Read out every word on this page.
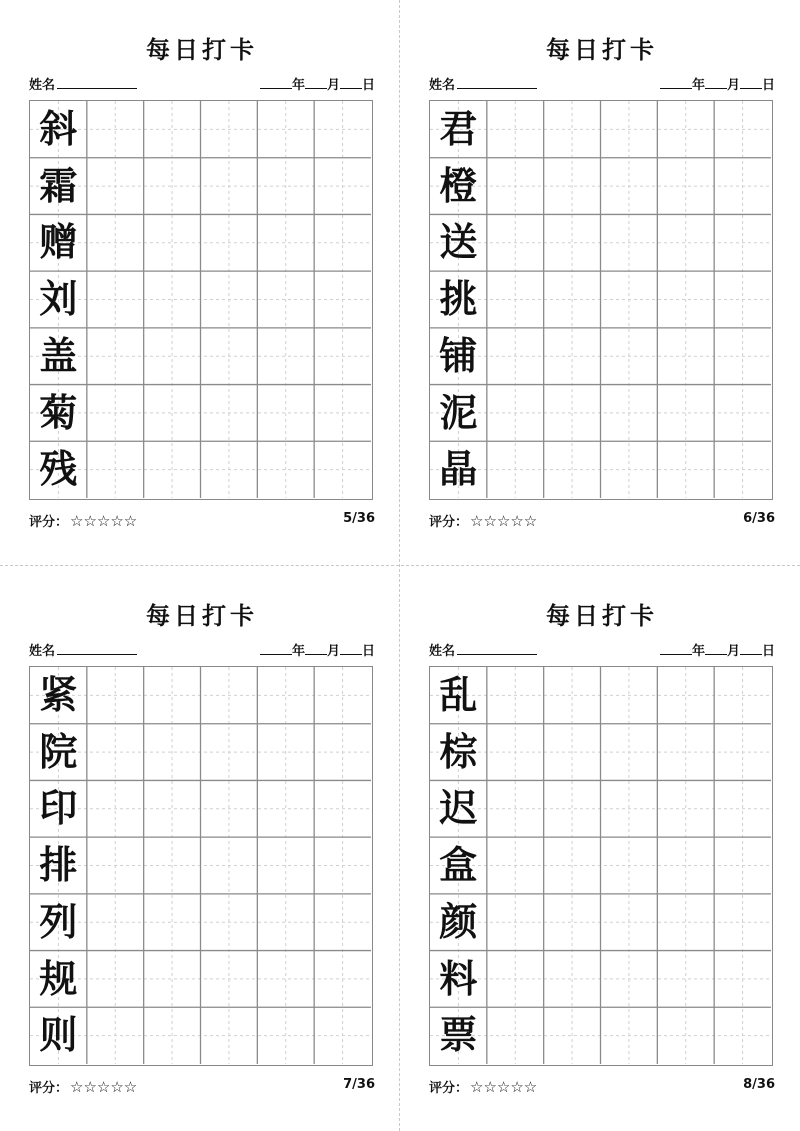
每日打卡
姓名	年 月 日
斜
霜
赠
刘
盖
菊
残
评分： ☆☆☆☆☆	5/36
每日打卡
姓名	年 月 日
君
橙
送
挑
铺
泥
晶
评分： ☆☆☆☆☆	6/36
每日打卡
姓名	年 月 日
紧
院
印
排
列
规
则
评分： ☆☆☆☆☆	7/36
每日打卡
姓名	年 月 日
乱
棕
迟
盒
颜
料
票
评分： ☆☆☆☆☆	8/36
